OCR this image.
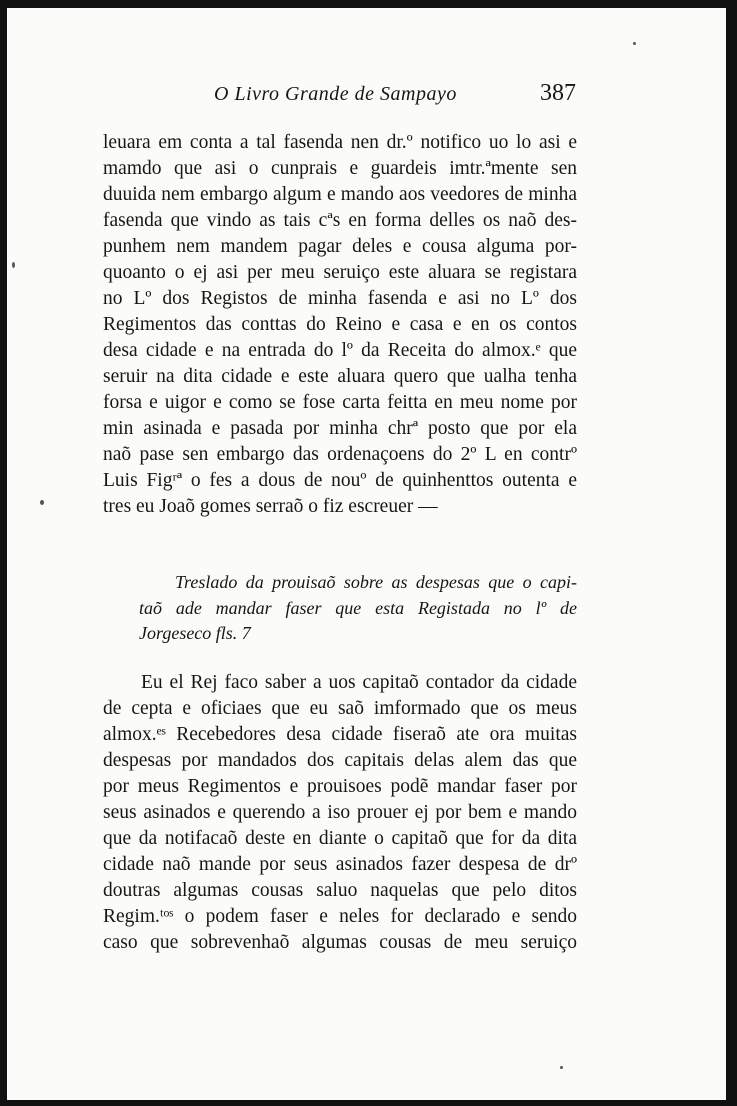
O Livro Grande de Sampayo	387
leuara em conta a tal fasenda nen dr.º notifico uo lo asi e
mamdo que asi o cunprais e guardeis imtr.ªmente sen
duuida nem embargo algum e mando aos veedores de minha
fasenda que vindo as tais cªs en forma delles os naõ des-
punhem nem mandem pagar deles e cousa alguma por-
quoanto o ej asi per meu seruiço este aluara se registara
no Lº dos Registos de minha fasenda e asi no Lº dos
Regimentos das conttas do Reino e casa e en os contos
desa cidade e na entrada do lº da Receita do almox.ᵉ que
seruir na dita cidade e este aluara quero que ualha tenha
forsa e uigor e como se fose carta feitta en meu nome por
min asinada e pasada por minha chrª posto que por ela
naõ pase sen embargo das ordenaçoens do 2º L en contrº
Luis Figʳª o fes a dous de nouº de quinhenttos outenta e
tres eu Joaõ gomes serraõ o fiz escreuer —
Treslado da prouisaõ sobre as despesas que o capi-
taõ ade mandar faser que esta Registada no lº de
Jorgeseco fls. 7
Eu el Rej faco saber a uos capitaõ contador da cidade
de cepta e oficiaes que eu saõ imformado que os meus
almox.ᵉˢ Recebedores desa cidade fiseraõ ate ora muitas
despesas por mandados dos capitais delas alem das que
por meus Regimentos e prouisoes podẽ mandar faser por
seus asinados e querendo a iso prouer ej por bem e mando
que da notifacaõ deste en diante o capitaõ que for da dita
cidade naõ mande por seus asinados fazer despesa de drº
doutras algumas cousas saluo naquelas que pelo ditos
Regim.ᵗᵒˢ o podem faser e neles for declarado e sendo
caso que sobrevenhaõ algumas cousas de meu seruiço
